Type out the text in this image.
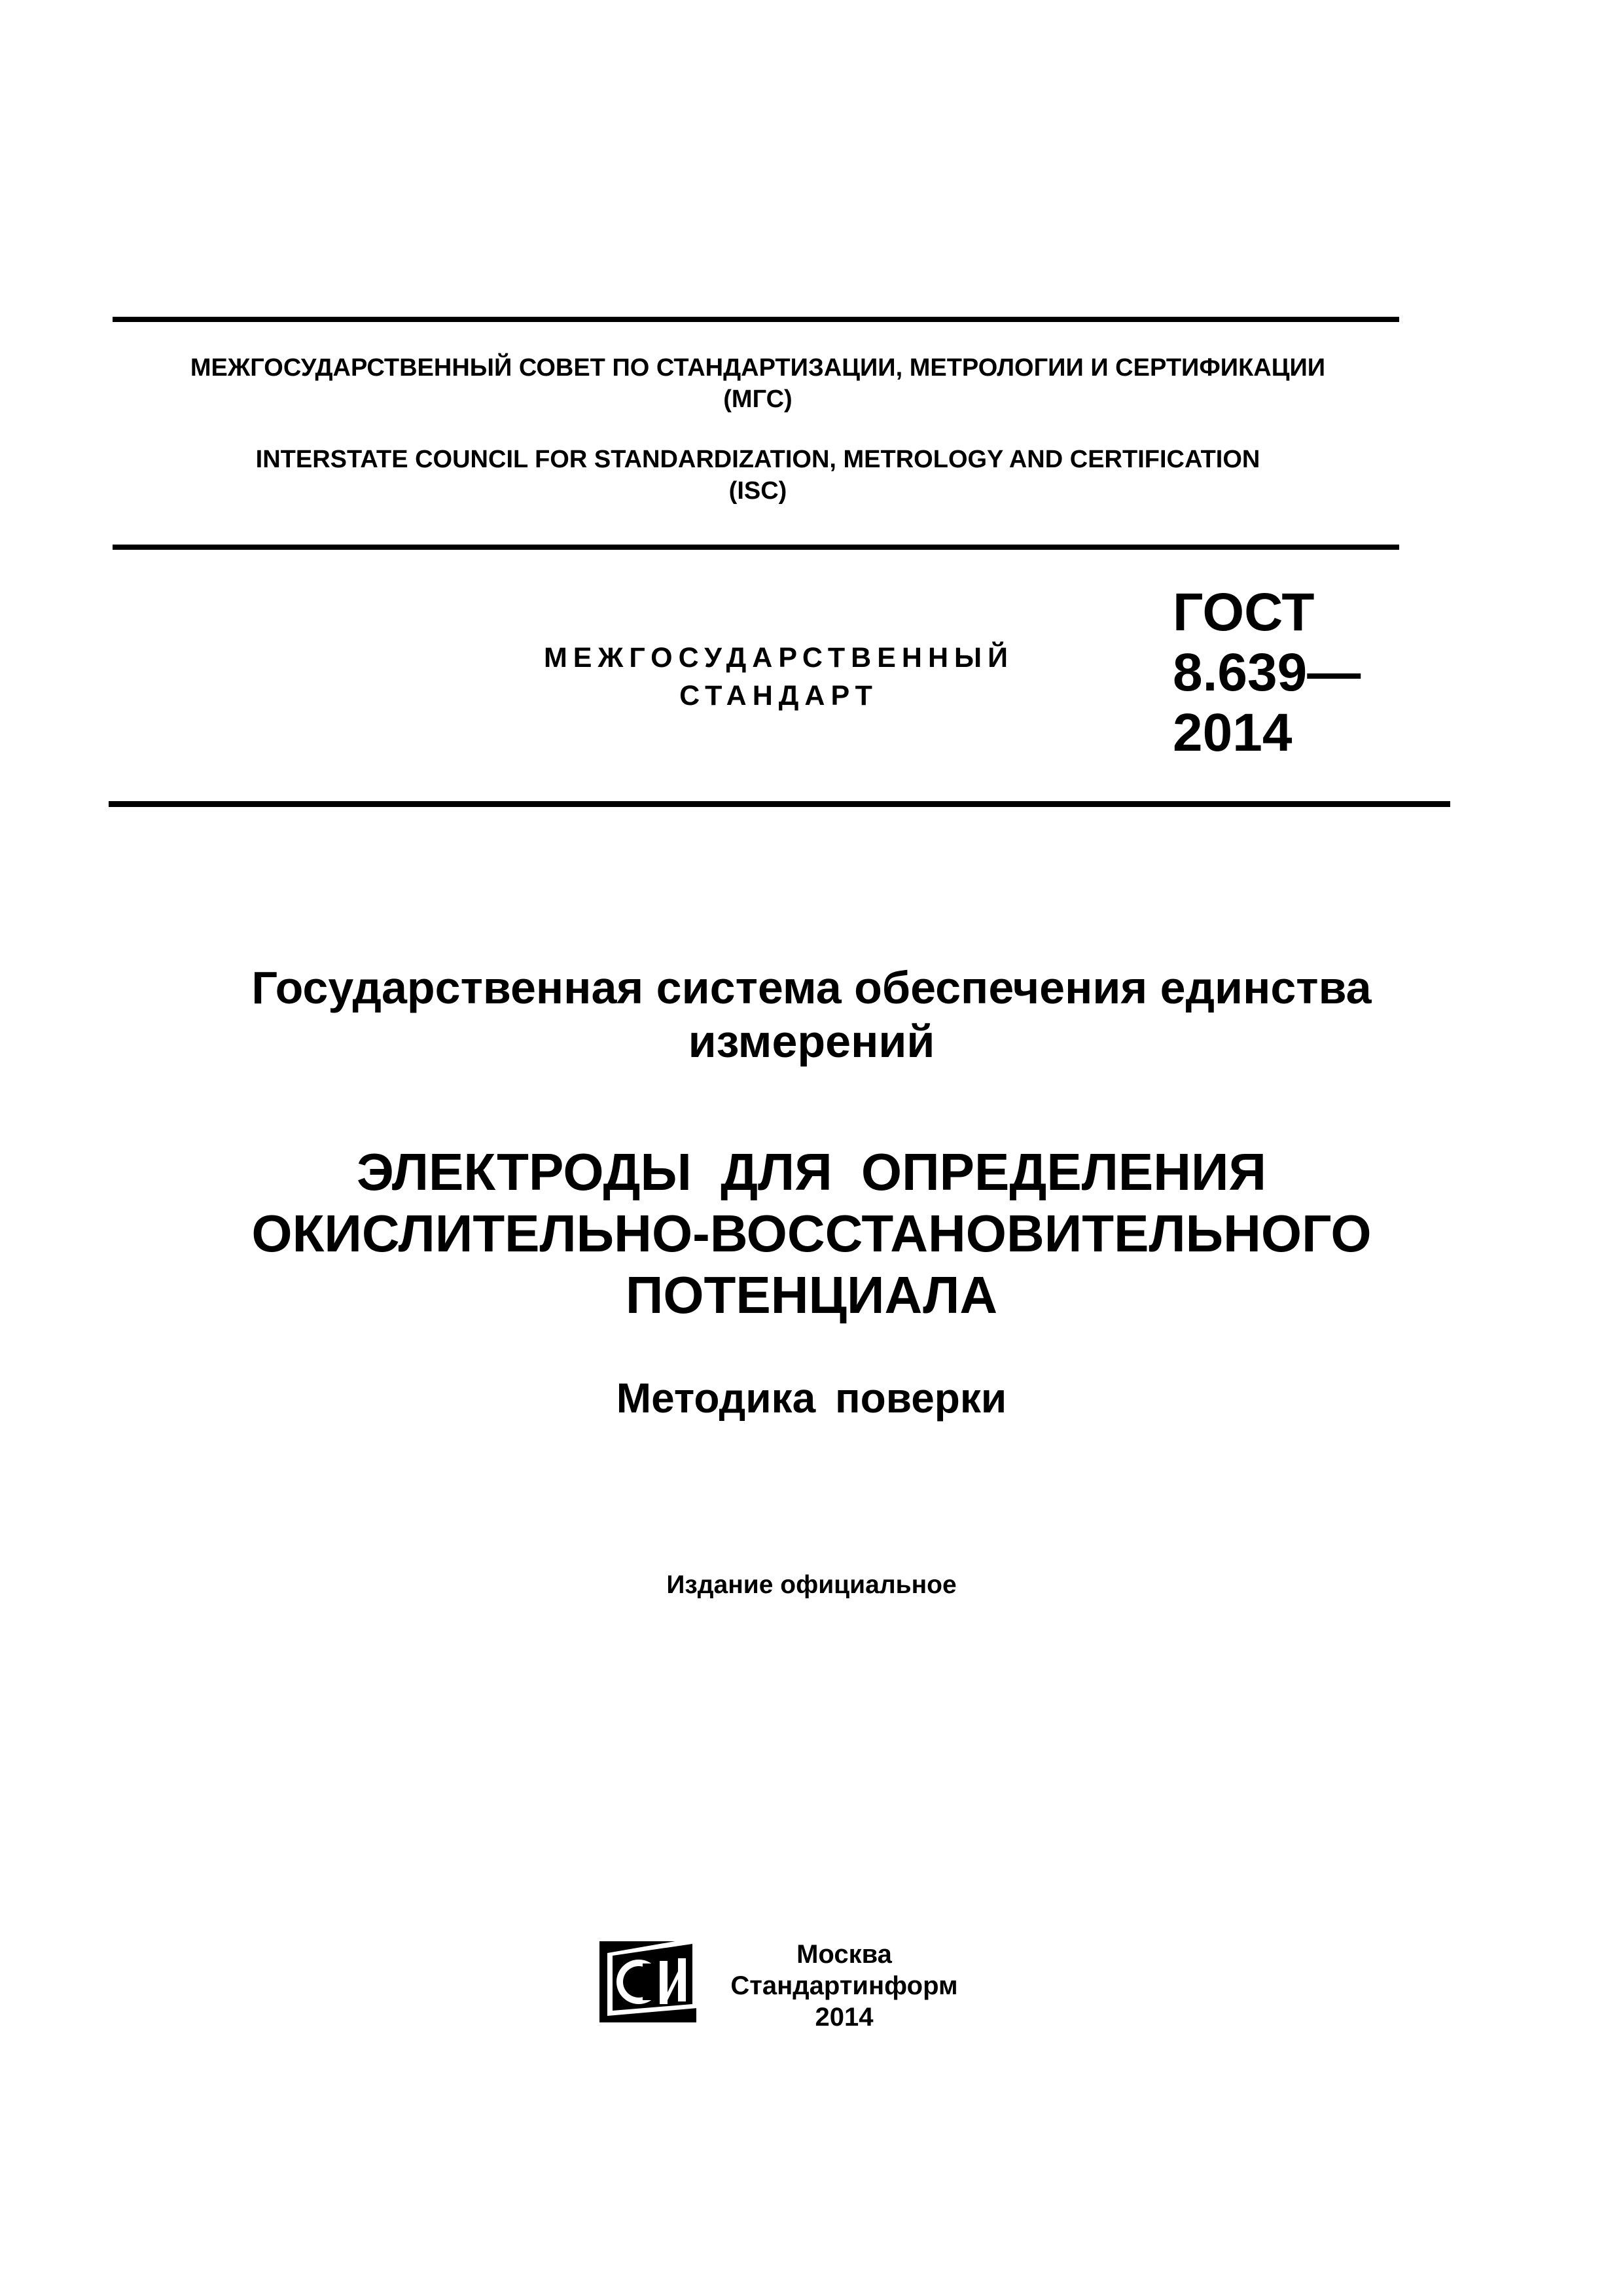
МЕЖГОСУДАРСТВЕННЫЙ СОВЕТ ПО СТАНДАРТИЗАЦИИ, МЕТРОЛОГИИ И СЕРТИФИКАЦИИ
(МГС)
INTERSTATE COUNCIL FOR STANDARDIZATION, METROLOGY AND CERTIFICATION
(ISC)
МЕЖГОСУДАРСТВЕННЫЙ
СТАНДАРТ
ГОСТ
8.639—
2014
Государственная система обеспечения единства
измерений
ЭЛЕКТРОДЫ ДЛЯ ОПРЕДЕЛЕНИЯ
ОКИСЛИТЕЛЬНО-ВОССТАНОВИТЕЛЬНОГО
ПОТЕНЦИАЛА
Методика поверки
Издание официальное
Москва
Стандартинформ
2014
